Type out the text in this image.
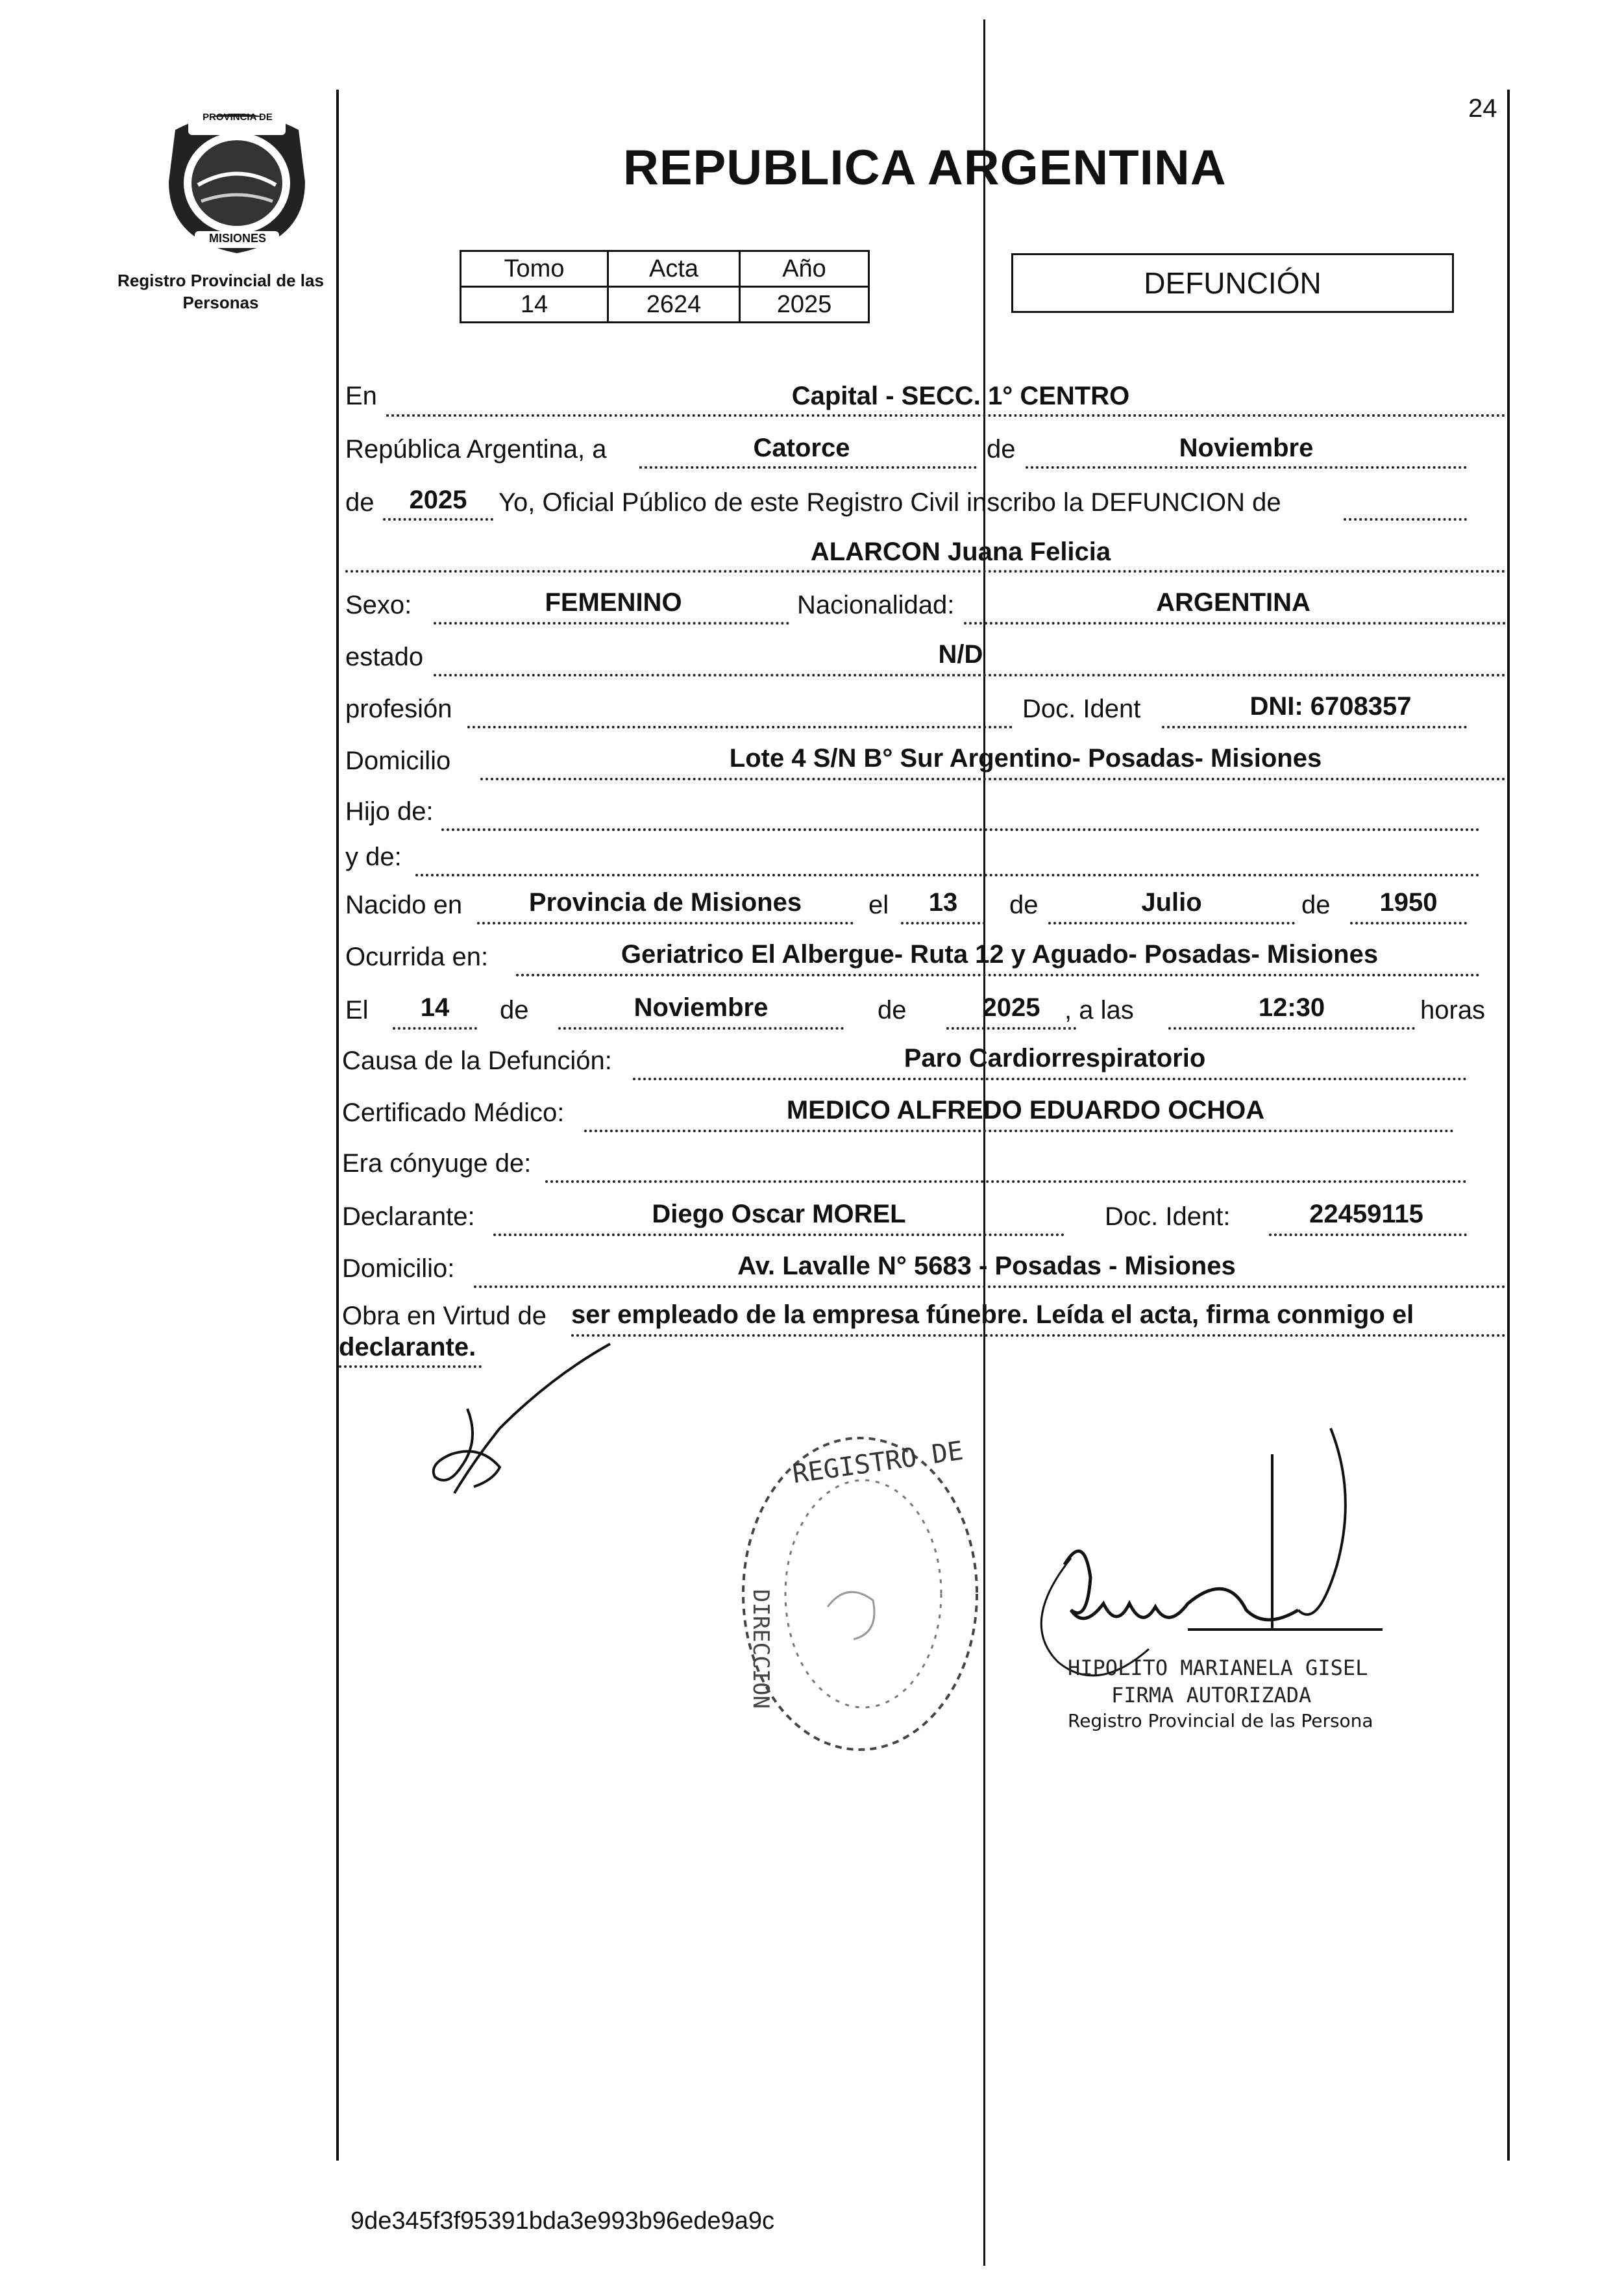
24
PROVINCIA DE
MISIONES
Registro Provincial de las Personas
REPUBLICA ARGENTINA
Tomo	Acta	Año
14	2624	2025
DEFUNCIÓN
En	Capital - SECC. 1° CENTRO
República Argentina, a	Catorce	de	Noviembre
de	2025	Yo, Oficial Público de este Registro Civil inscribo la DEFUNCION de
ALARCON Juana Felicia
Sexo:	FEMENINO	Nacionalidad:	ARGENTINA
estado	N/D
profesión	Doc. Ident	DNI: 6708357
Domicilio	Lote 4 S/N B° Sur Argentino- Posadas- Misiones
Hijo de:
y de:
Nacido en	Provincia de Misiones	el	13	de	Julio	de	1950
Ocurrida en:	Geriatrico El Albergue- Ruta 12 y Aguado- Posadas- Misiones
El	14	de	Noviembre	de	2025 , a las	12:30	horas
Causa de la Defunción:	Paro Cardiorrespiratorio
Certificado Médico:	MEDICO ALFREDO EDUARDO OCHOA
Era cónyuge de:
Declarante:	Diego Oscar MOREL	Doc. Ident:	22459115
Domicilio:	Av. Lavalle N° 5683 - Posadas - Misiones
Obra en Virtud de ser empleado de la empresa fúnebre. Leída el acta, firma conmigo el
declarante.
REGISTRO DE
DIRECCION	HIPOLITO MARIANELA GISEL
FIRMA AUTORIZADA
Registro Provincial de las Persona
9de345f3f95391bda3e993b96ede9a9c
